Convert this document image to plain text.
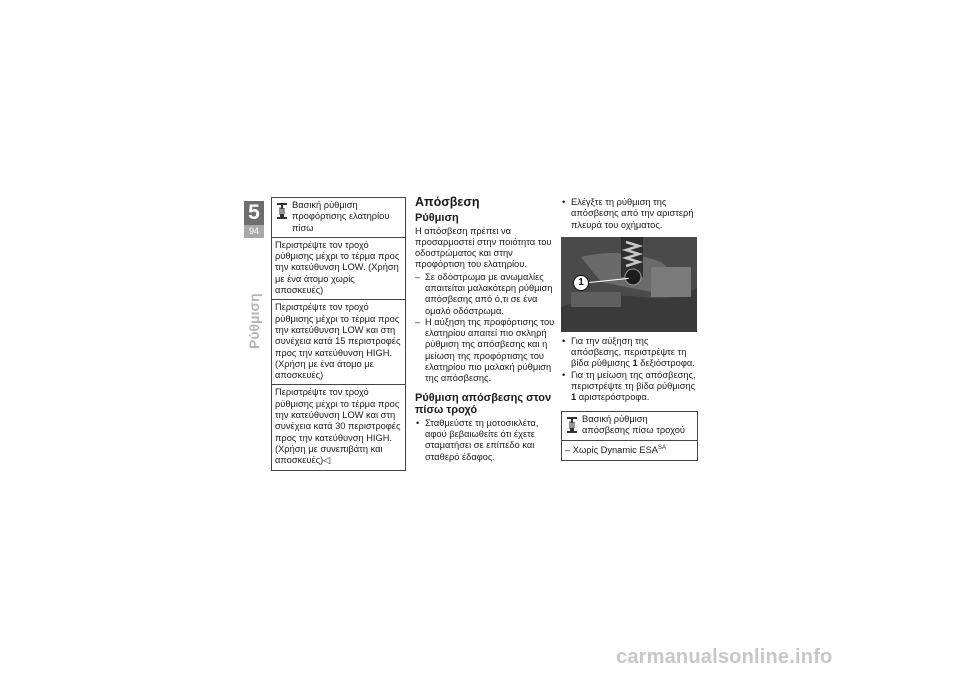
5
94
Ρύθμιση
Βασική ρύθμιση προφόρτισης ελατηρίου πίσω
Περιστρέψτε τον τροχό ρύθμισης μέχρι το τέρμα προς την κατεύθυνση LOW. (Χρήση με ένα άτομο χωρίς αποσκευές)
Περιστρέψτε τον τροχό ρύθμισης μέχρι το τέρμα προς την κατεύθυνση LOW και στη συνέχεια κατά 15 περιστροφές προς την κατεύθυνση HIGH. (Χρήση με ένα άτομο με αποσκευές)
Περιστρέψτε τον τροχό ρύθμισης μέχρι το τέρμα προς την κατεύθυνση LOW και στη συνέχεια κατά 30 περιστροφές προς την κατεύθυνση HIGH. (Χρήση με συνεπιβάτη και αποσκευές)◁
Απόσβεση
Ρύθμιση
Η απόσβεση πρέπει να προσαρμοστεί στην ποιότητα του οδοστρώματος και στην προφόρτιση του ελατηρίου.
– Σε οδόστρωμα με ανωμαλίες απαιτείται μαλακότερη ρύθμιση απόσβεσης από ό,τι σε ένα ομαλό οδόστρωμα.
– Η αύξηση της προφόρτισης του ελατηρίου απαιτεί πιο σκληρή ρύθμιση της απόσβεσης και η μείωση της προφόρτισης του ελατηρίου πιο μαλακή ρύθμιση της απόσβεσης.
Ρύθμιση απόσβεσης στον πίσω τροχό
• Σταθμεύστε τη μοτοσικλέτα, αφού βεβαιωθείτε ότι έχετε σταματήσει σε επίπεδο και σταθερό έδαφος.
• Ελέγξτε τη ρύθμιση της απόσβεσης από την αριστερή πλευρά του οχήματος.
1
• Για την αύξηση της απόσβεσης, περιστρέψτε τη βίδα ρύθμισης 1 δεξιόστροφα.
• Για τη μείωση της απόσβεσης, περιστρέψτε τη βίδα ρύθμισης 1 αριστερόστροφα.
Βασική ρύθμιση απόσβεσης πίσω τροχού
– Χωρίς Dynamic $ESA^{SA}$
carmanualsonline.info
